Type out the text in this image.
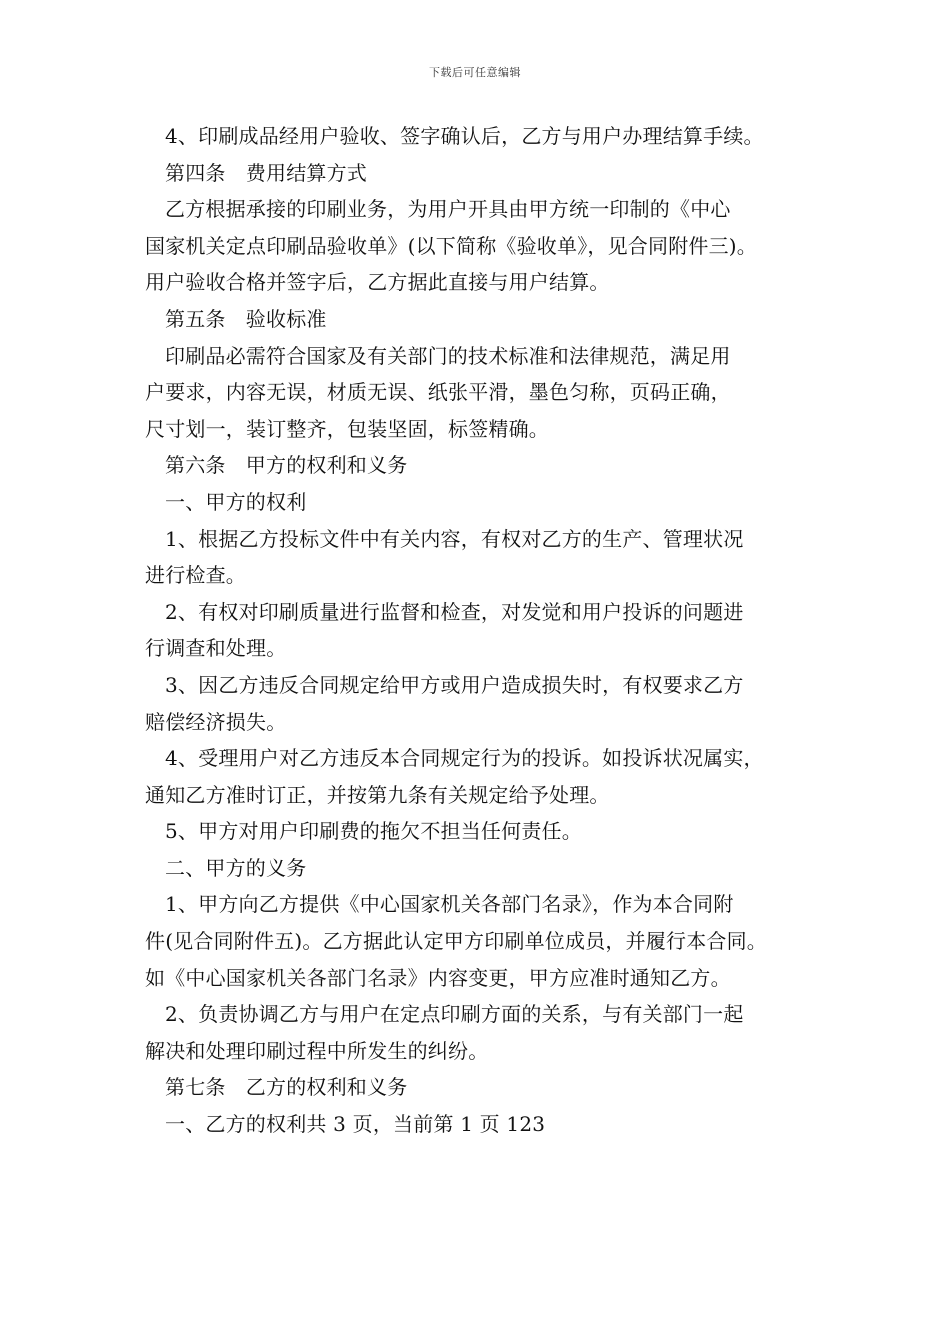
下载后可任意编辑
4、印刷成品经用户验收、签字确认后，乙方与用户办理结算手续。
第四条　费用结算方式
乙方根据承接的印刷业务，为用户开具由甲方统一印制的《中心
国家机关定点印刷品验收单》(以下简称《验收单》，见合同附件三)。
用户验收合格并签字后，乙方据此直接与用户结算。
第五条　验收标准
印刷品必需符合国家及有关部门的技术标准和法律规范，满足用
户要求，内容无误，材质无误、纸张平滑，墨色匀称，页码正确，
尺寸划一，装订整齐，包装坚固，标签精确。
第六条　甲方的权利和义务
一、甲方的权利
1、根据乙方投标文件中有关内容，有权对乙方的生产、管理状况
进行检查。
2、有权对印刷质量进行监督和检查，对发觉和用户投诉的问题进
行调查和处理。
3、因乙方违反合同规定给甲方或用户造成损失时，有权要求乙方
赔偿经济损失。
4、受理用户对乙方违反本合同规定行为的投诉。如投诉状况属实，
通知乙方准时订正，并按第九条有关规定给予处理。
5、甲方对用户印刷费的拖欠不担当任何责任。
二、甲方的义务
1、甲方向乙方提供《中心国家机关各部门名录》，作为本合同附
件(见合同附件五)。乙方据此认定甲方印刷单位成员，并履行本合同。
如《中心国家机关各部门名录》内容变更，甲方应准时通知乙方。
2、负责协调乙方与用户在定点印刷方面的关系，与有关部门一起
解决和处理印刷过程中所发生的纠纷。
第七条　乙方的权利和义务
一、乙方的权利共 3 页，当前第 1 页 123
